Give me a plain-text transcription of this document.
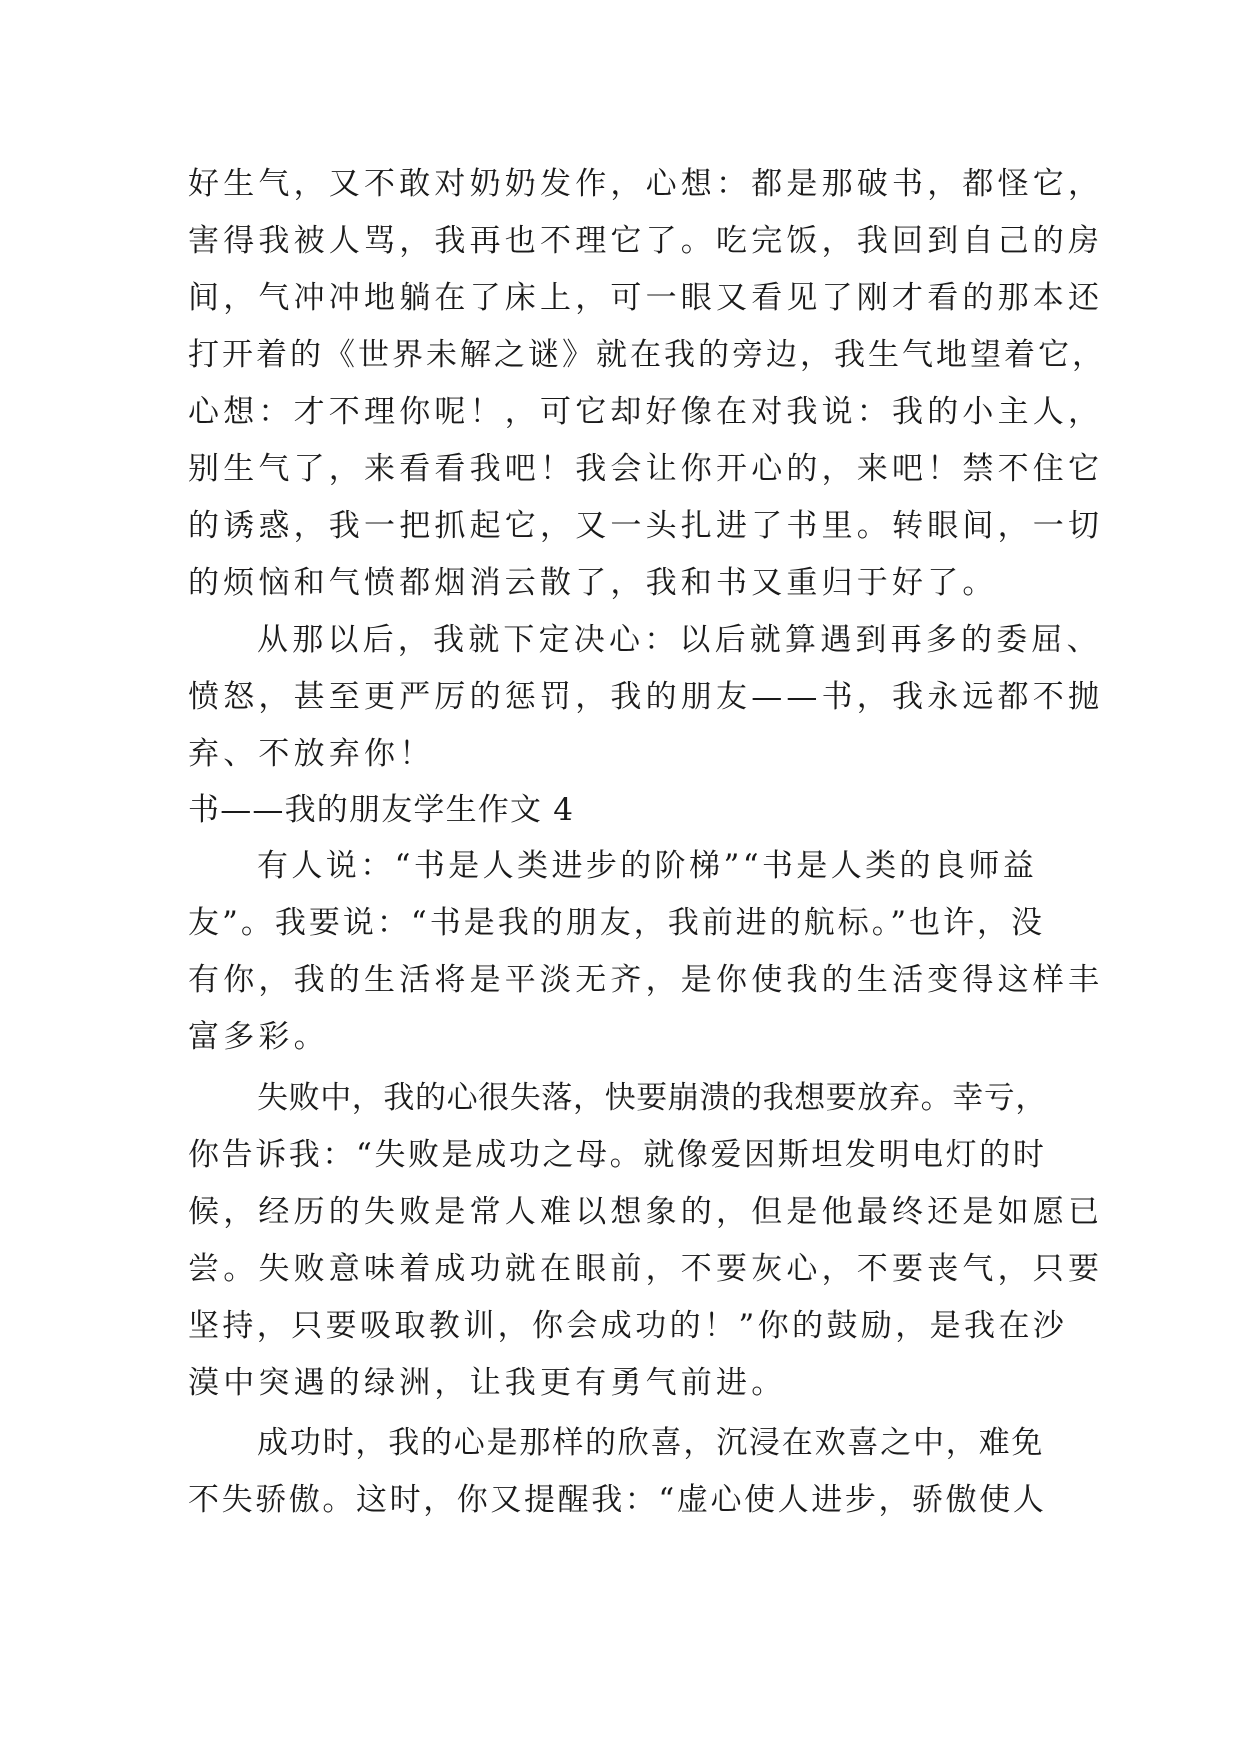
好生气，又不敢对奶奶发作，心想：都是那破书，都怪它，
害得我被人骂，我再也不理它了。吃完饭，我回到自己的房
间，气冲冲地躺在了床上，可一眼又看见了刚才看的那本还
打开着的《世界未解之谜》就在我的旁边，我生气地望着它，
心想：才不理你呢！，可它却好像在对我说：我的小主人，
别生气了，来看看我吧！我会让你开心的，来吧！禁不住它
的诱惑，我一把抓起它，又一头扎进了书里。转眼间，一切
的烦恼和气愤都烟消云散了，我和书又重归于好了。
从那以后，我就下定决心：以后就算遇到再多的委屈、
愤怒，甚至更严厉的惩罚，我的朋友——书，我永远都不抛
弃、不放弃你！
书——我的朋友学生作文 4
有人说：“书是人类进步的阶梯”“书是人类的良师益
友”。我要说：“书是我的朋友，我前进的航标。”也许，没
有你，我的生活将是平淡无齐，是你使我的生活变得这样丰
富多彩。
失败中，我的心很失落，快要崩溃的我想要放弃。幸亏，
你告诉我：“失败是成功之母。就像爱因斯坦发明电灯的时
候，经历的失败是常人难以想象的，但是他最终还是如愿已
尝。失败意味着成功就在眼前，不要灰心，不要丧气，只要
坚持，只要吸取教训，你会成功的！”你的鼓励，是我在沙
漠中突遇的绿洲，让我更有勇气前进。
成功时，我的心是那样的欣喜，沉浸在欢喜之中，难免
不失骄傲。这时，你又提醒我：“虚心使人进步，骄傲使人
